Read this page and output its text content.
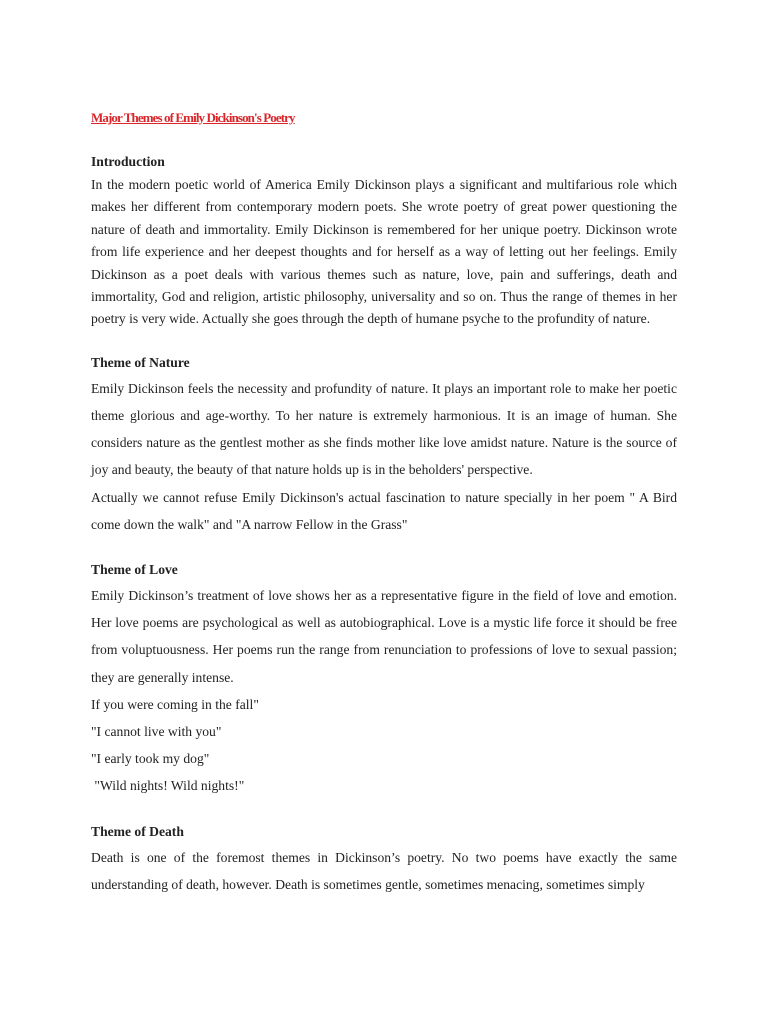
Major Themes of Emily Dickinson's Poetry

Introduction

In the modern poetic world of America Emily Dickinson plays a significant and multifarious role which makes her different from contemporary modern poets. She wrote poetry of great power questioning the nature of death and immortality. Emily Dickinson is remembered for her unique poetry. Dickinson wrote from life experience and her deepest thoughts and for herself as a way of letting out her feelings. Emily Dickinson as a poet deals with various themes such as nature, love, pain and sufferings, death and immortality, God and religion, artistic philosophy, universality and so on. Thus the range of themes in her poetry is very wide. Actually she goes through the depth of humane psyche to the profundity of nature.

Theme of Nature

Emily Dickinson feels the necessity and profundity of nature. It plays an important role to make her poetic theme glorious and age-worthy. To her nature is extremely harmonious. It is an image of human. She considers nature as the gentlest mother as she finds mother like love amidst nature. Nature is the source of joy and beauty, the beauty of that nature holds up is in the beholders' perspective.

Actually we cannot refuse Emily Dickinson's actual fascination to nature specially in her poem " A Bird come down the walk" and "A narrow Fellow in the Grass"

Theme of Love

Emily Dickinson’s treatment of love shows her as a representative figure in the field of love and emotion. Her love poems are psychological as well as autobiographical. Love is a mystic life force it should be free from voluptuousness. Her poems run the range from renunciation to professions of love to sexual passion; they are generally intense.

If you were coming in the fall"
"I cannot live with you"
"I early took my dog"
"Wild nights! Wild nights!"

Theme of Death

Death is one of the foremost themes in Dickinson’s poetry. No two poems have exactly the same understanding of death, however. Death is sometimes gentle, sometimes menacing, sometimes simply
